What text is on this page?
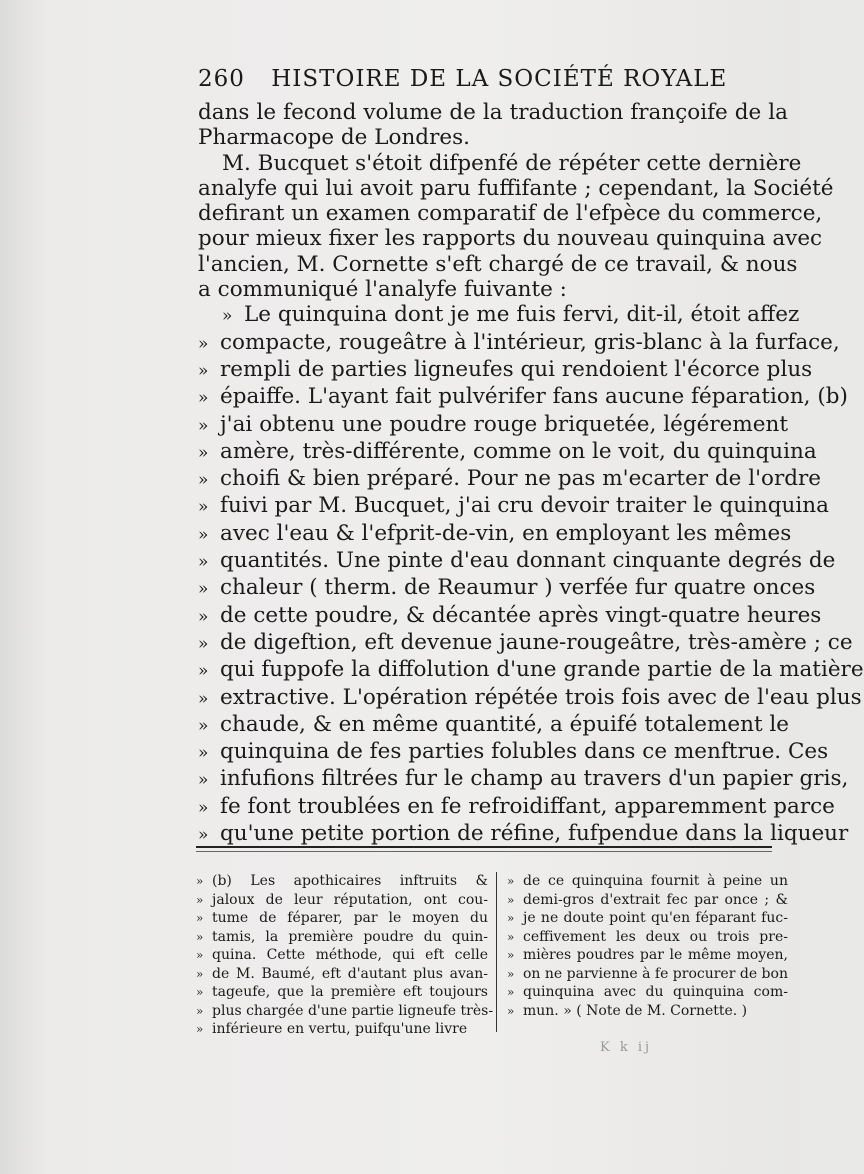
260 HISTOIRE DE LA SOCIÉTÉ ROYALE
dans le fecond volume de la traduction françoife de la
Pharmacope de Londres.
M. Bucquet s'étoit difpenfé de répéter cette dernière
analyfe qui lui avoit paru fuffifante ; cependant, la Société
defirant un examen comparatif de l'efpèce du commerce,
pour mieux fixer les rapports du nouveau quinquina avec
l'ancien, M. Cornette s'eft chargé de ce travail, & nous
a communiqué l'analyfe fuivante :
» Le quinquina dont je me fuis fervi, dit-il, étoit affez
» compacte, rougeâtre à l'intérieur, gris-blanc à la furface,
» rempli de parties ligneufes qui rendoient l'écorce plus
» épaiffe. L'ayant fait pulvérifer fans aucune féparation, (b)
» j'ai obtenu une poudre rouge briquetée, légérement
» amère, très-différente, comme on le voit, du quinquina
» choifi & bien préparé. Pour ne pas m'ecarter de l'ordre
» fuivi par M. Bucquet, j'ai cru devoir traiter le quinquina
» avec l'eau & l'efprit-de-vin, en employant les mêmes
» quantités. Une pinte d'eau donnant cinquante degrés de
» chaleur ( therm. de Reaumur ) verfée fur quatre onces
» de cette poudre, & décantée après vingt-quatre heures
» de digeftion, eft devenue jaune-rougeâtre, très-amère ; ce
» qui fuppofe la diffolution d'une grande partie de la matière
» extractive. L'opération répétée trois fois avec de l'eau plus
» chaude, & en même quantité, a épuifé totalement le
» quinquina de fes parties folubles dans ce menftrue. Ces
» infufions filtrées fur le champ au travers d'un papier gris,
» fe font troublées en fe refroidiffant, apparemment parce
» qu'une petite portion de réfine, fufpendue dans la liqueur
» (b) Les apothicaires inftruits &
» jaloux de leur réputation, ont cou-
» tume de féparer, par le moyen du
» tamis, la première poudre du quin-
» quina. Cette méthode, qui eft celle
» de M. Baumé, eft d'autant plus avan-
» tageufe, que la première eft toujours
» plus chargée d'une partie ligneufe très-
» inférieure en vertu, puifqu'une livre
» de ce quinquina fournit à peine un
» demi-gros d'extrait fec par once ; &
» je ne doute point qu'en féparant fuc-
» ceffivement les deux ou trois pre-
» mières poudres par le même moyen,
» on ne parvienne à fe procurer de bon
» quinquina avec du quinquina com-
» mun. » ( Note de M. Cornette. )
K k ij
